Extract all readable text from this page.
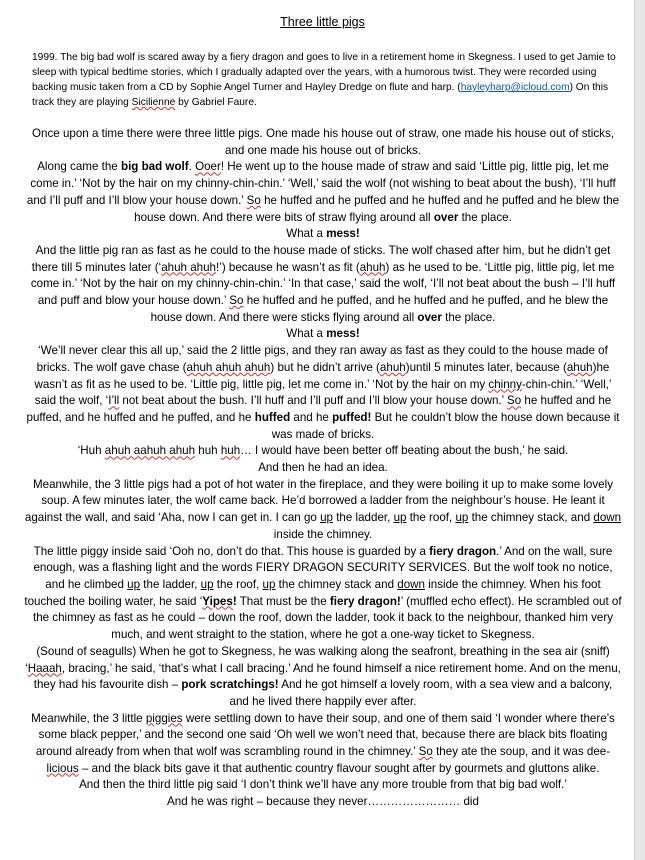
Three little pigs
1999. The big bad wolf is scared away by a fiery dragon and goes to live in a retirement home in Skegness. I used to get Jamie to sleep with typical bedtime stories, which I gradually adapted over the years, with a humorous twist. They were recorded using backing music taken from a CD by Sophie Angel Turner and Hayley Dredge on flute and harp. (hayleyharp@icloud.com) On this track they are playing Sicilienne by Gabriel Faure.

Once upon a time there were three little pigs. One made his house out of straw, one made his house out of sticks, and one made his house out of bricks.

Along came the big bad wolf. Ooer! He went up to the house made of straw and said ‘Little pig, little pig, let me come in.’ ‘Not by the hair on my chinny-chin-chin.’ ‘Well,’ said the wolf (not wishing to beat about the bush), ‘I’ll huff and I’ll puff and I’ll blow your house down.’ So he huffed and he puffed and he huffed and he puffed and he blew the house down. And there were bits of straw flying around all over the place.

What a mess!

And the little pig ran as fast as he could to the house made of sticks. The wolf chased after him, but he didn’t get there till 5 minutes later (‘ahuh ahuh!’) because he wasn’t as fit (ahuh) as he used to be. ‘Little pig, little pig, let me come in.’ ‘Not by the hair on my chinny-chin-chin.’ ‘In that case,’ said the wolf, ‘I’ll not beat about the bush – I’ll huff and puff and blow your house down.’ So he huffed and he puffed, and he huffed and he puffed, and he blew the house down. And there were sticks flying around all over the place.

What a mess!

‘We’ll never clear this all up,’ said the 2 little pigs, and they ran away as fast as they could to the house made of bricks. The wolf gave chase (ahuh ahuh ahuh) but he didn’t arrive (ahuh)until 5 minutes later, because (ahuh)he wasn’t as fit as he used to be. ‘Little pig, little pig, let me come in.’ ‘Not by the hair on my chinny-chin-chin.’ ‘Well,’ said the wolf, ‘I’ll not beat about the bush. I’ll huff and I’ll puff and I’ll blow your house down.’ So he huffed and he puffed, and he huffed and he puffed, and he huffed and he puffed! But he couldn’t blow the house down because it was made of bricks.

‘Huh ahuh aahuh ahuh huh huh… I would have been better off beating about the bush,’ he said.

And then he had an idea.

Meanwhile, the 3 little pigs had a pot of hot water in the fireplace, and they were boiling it up to make some lovely soup. A few minutes later, the wolf came back. He’d borrowed a ladder from the neighbour’s house. He leant it against the wall, and said ‘Aha, now I can get in. I can go up the ladder, up the roof, up the chimney stack, and down inside the chimney.

The little piggy inside said ‘Ooh no, don’t do that. This house is guarded by a fiery dragon.’ And on the wall, sure enough, was a flashing light and the words FIERY DRAGON SECURITY SERVICES. But the wolf took no notice, and he climbed up the ladder, up the roof, up the chimney stack and down inside the chimney. When his foot touched the boiling water, he said ‘Yipes! That must be the fiery dragon!’ (muffled echo effect). He scrambled out of the chimney as fast as he could – down the roof, down the ladder, took it back to the neighbour, thanked him very much, and went straight to the station, where he got a one-way ticket to Skegness.

(Sound of seagulls) When he got to Skegness, he was walking along the seafront, breathing in the sea air (sniff) ‘Haaah, bracing,’ he said, ‘that’s what I call bracing.’ And he found himself a nice retirement home. And on the menu, they had his favourite dish – pork scratchings! And he got himself a lovely room, with a sea view and a balcony, and he lived there happily ever after.

Meanwhile, the 3 little piggies were settling down to have their soup, and one of them said ‘I wonder where there’s some black pepper,’ and the second one said ‘Oh well we won’t need that, because there are black bits floating around already from when that wolf was scrambling round in the chimney.’ So they ate the soup, and it was dee-licious – and the black bits gave it that authentic country flavour sought after by gourmets and gluttons alike.

And then the third little pig said ‘I don’t think we’ll have any more trouble from that big bad wolf.’

And he was right – because they never…………………… did
